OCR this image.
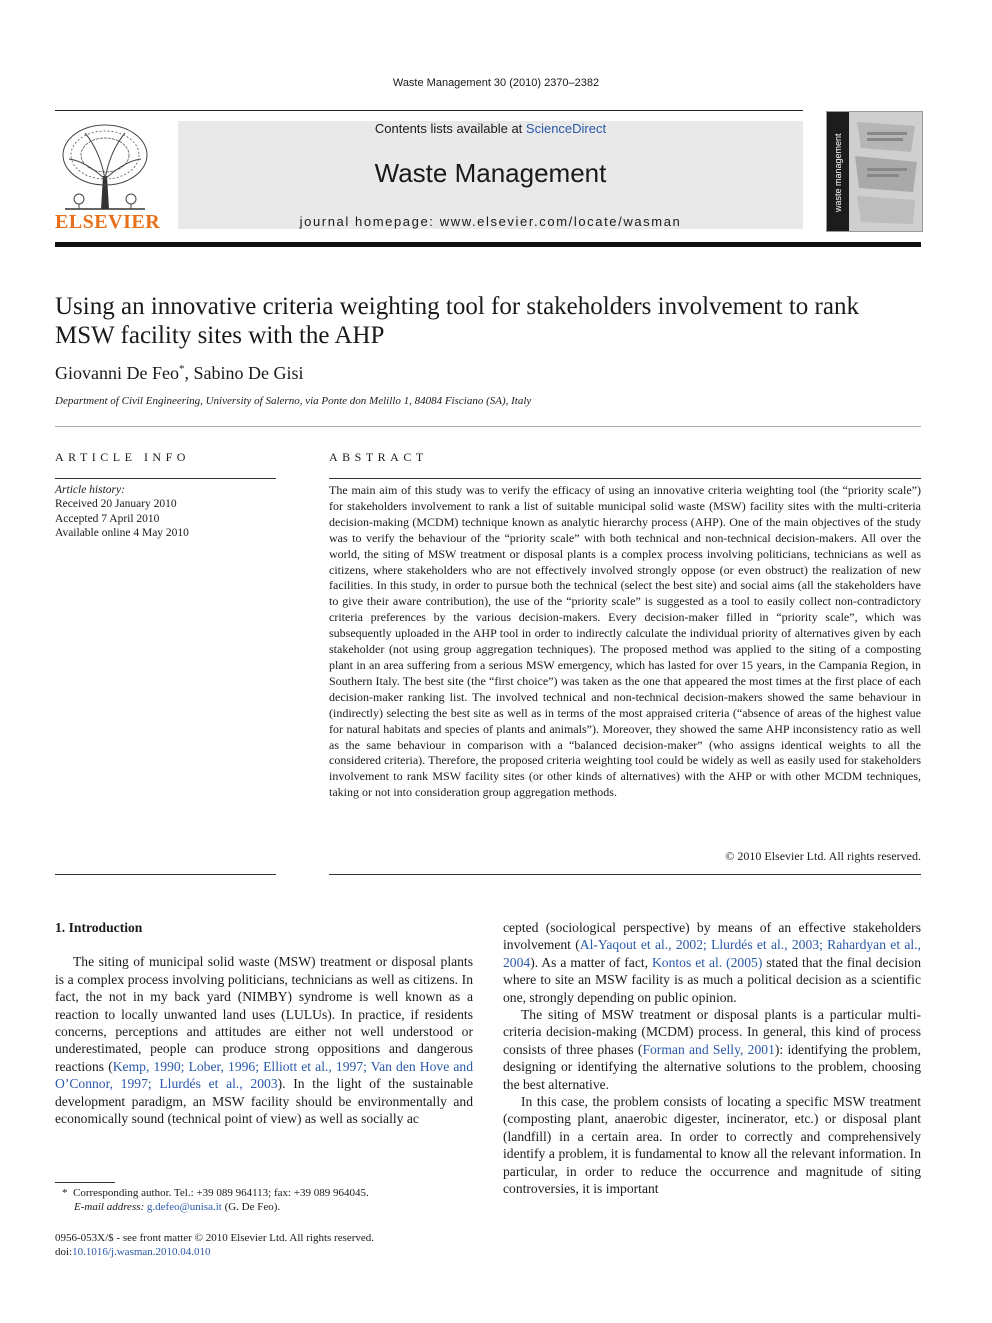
Waste Management 30 (2010) 2370–2382
ELSEVIER
Contents lists available at ScienceDirect
Waste Management
journal homepage: www.elsevier.com/locate/wasman
waste management
Using an innovative criteria weighting tool for stakeholders involvement to rank MSW facility sites with the AHP
Giovanni De Feo*, Sabino De Gisi
Department of Civil Engineering, University of Salerno, via Ponte don Melillo 1, 84084 Fisciano (SA), Italy
ARTICLE INFO	ABSTRACT
Article history:
Received 20 January 2010
Accepted 7 April 2010
Available online 4 May 2010
The main aim of this study was to verify the efficacy of using an innovative criteria weighting tool (the “priority scale”) for stakeholders involvement to rank a list of suitable municipal solid waste (MSW) facility sites with the multi-criteria decision-making (MCDM) technique known as analytic hierarchy process (AHP). One of the main objectives of the study was to verify the behaviour of the “priority scale” with both technical and non-technical decision-makers. All over the world, the siting of MSW treatment or disposal plants is a complex process involving politicians, technicians as well as citizens, where stakeholders who are not effectively involved strongly oppose (or even obstruct) the realization of new facilities. In this study, in order to pursue both the technical (select the best site) and social aims (all the stakeholders have to give their aware contribution), the use of the “priority scale” is suggested as a tool to easily collect non-contradictory criteria preferences by the various decision-makers. Every decision-maker filled in “priority scale”, which was subsequently uploaded in the AHP tool in order to indirectly calculate the individual priority of alternatives given by each stakeholder (not using group aggregation techniques). The proposed method was applied to the siting of a composting plant in an area suffering from a serious MSW emergency, which has lasted for over 15 years, in the Campania Region, in Southern Italy. The best site (the “first choice”) was taken as the one that appeared the most times at the first place of each decision-maker ranking list. The involved technical and non-technical decision-makers showed the same behaviour in (indirectly) selecting the best site as well as in terms of the most appraised criteria (“absence of areas of the highest value for natural habitats and species of plants and animals”). Moreover, they showed the same AHP inconsistency ratio as well as the same behaviour in comparison with a “balanced decision-maker” (who assigns identical weights to all the considered criteria). Therefore, the proposed criteria weighting tool could be widely as well as easily used for stakeholders involvement to rank MSW facility sites (or other kinds of alternatives) with the AHP or with other MCDM techniques, taking or not into consideration group aggregation methods.
© 2010 Elsevier Ltd. All rights reserved.

1. Introduction

The siting of municipal solid waste (MSW) treatment or disposal plants is a complex process involving politicians, technicians as well as citizens. In fact, the not in my back yard (NIMBY) syndrome is well known as a reaction to locally unwanted land uses (LULUs). In practice, if residents concerns, perceptions and attitudes are either not well understood or underestimated, people can produce strong oppositions and dangerous reactions (Kemp, 1990; Lober, 1996; Elliott et al., 1997; Van den Hove and O’Connor, 1997; Llurdés et al., 2003). In the light of the sustainable development paradigm, an MSW facility should be environmentally and economically sound (technical point of view) as well as socially ac

cepted (sociological perspective) by means of an effective stakeholders involvement (Al-Yaqout et al., 2002; Llurdés et al., 2003; Rahardyan et al., 2004). As a matter of fact, Kontos et al. (2005) stated that the final decision where to site an MSW facility is as much a political decision as a scientific one, strongly depending on public opinion.

The siting of MSW treatment or disposal plants is a particular multi-criteria decision-making (MCDM) process. In general, this kind of process consists of three phases (Forman and Selly, 2001): identifying the problem, designing or identifying the alternative solutions to the problem, choosing the best alternative.

In this case, the problem consists of locating a specific MSW treatment (composting plant, anaerobic digester, incinerator, etc.) or disposal plant (landfill) in a certain area. In order to correctly and comprehensively identify a problem, it is fundamental to know all the relevant information. In particular, in order to reduce the occurrence and magnitude of siting controversies, it is important

* Corresponding author. Tel.: +39 089 964113; fax: +39 089 964045.
E-mail address: g.defeo@unisa.it (G. De Feo).
0956-053X/$ - see front matter © 2010 Elsevier Ltd. All rights reserved.
doi:10.1016/j.wasman.2010.04.010
